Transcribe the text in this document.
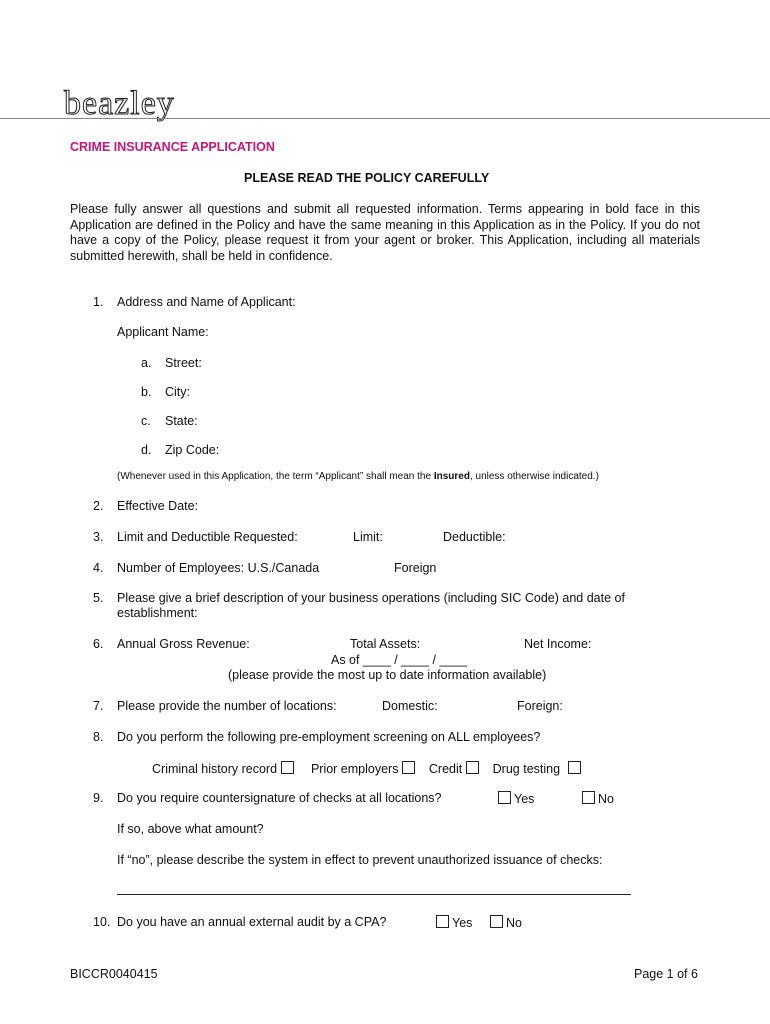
beazley
CRIME INSURANCE APPLICATION
PLEASE READ THE POLICY CAREFULLY
Please fully answer all questions and submit all requested information. Terms appearing in bold face in this Application are defined in the Policy and have the same meaning in this Application as in the Policy. If you do not have a copy of the Policy, please request it from your agent or broker. This Application, including all materials submitted herewith, shall be held in confidence.
1. Address and Name of Applicant:
Applicant Name:
a. Street:
b. City:
c. State:
d. Zip Code:
(Whenever used in this Application, the term “Applicant” shall mean the Insured, unless otherwise indicated.)
2. Effective Date:
3. Limit and Deductible Requested:	Limit:	Deductible:
4. Number of Employees: U.S./Canada	Foreign
5. Please give a brief description of your business operations (including SIC Code) and date of
establishment:
6. Annual Gross Revenue:	Total Assets:	Net Income:
As of ____ / ____ / ____
(please provide the most up to date information available)
7. Please provide the number of locations:	Domestic:	Foreign:
8. Do you perform the following pre-employment screening on ALL employees?
Criminal history record	Prior employers Credit Drug testing
9. Do you require countersignature of checks at all locations?	Yes	No
If so, above what amount?
If “no”, please describe the system in effect to prevent unauthorized issuance of checks:
10. Do you have an annual external audit by a CPA?	Yes	No
BICCR0040415	Page 1 of 6
